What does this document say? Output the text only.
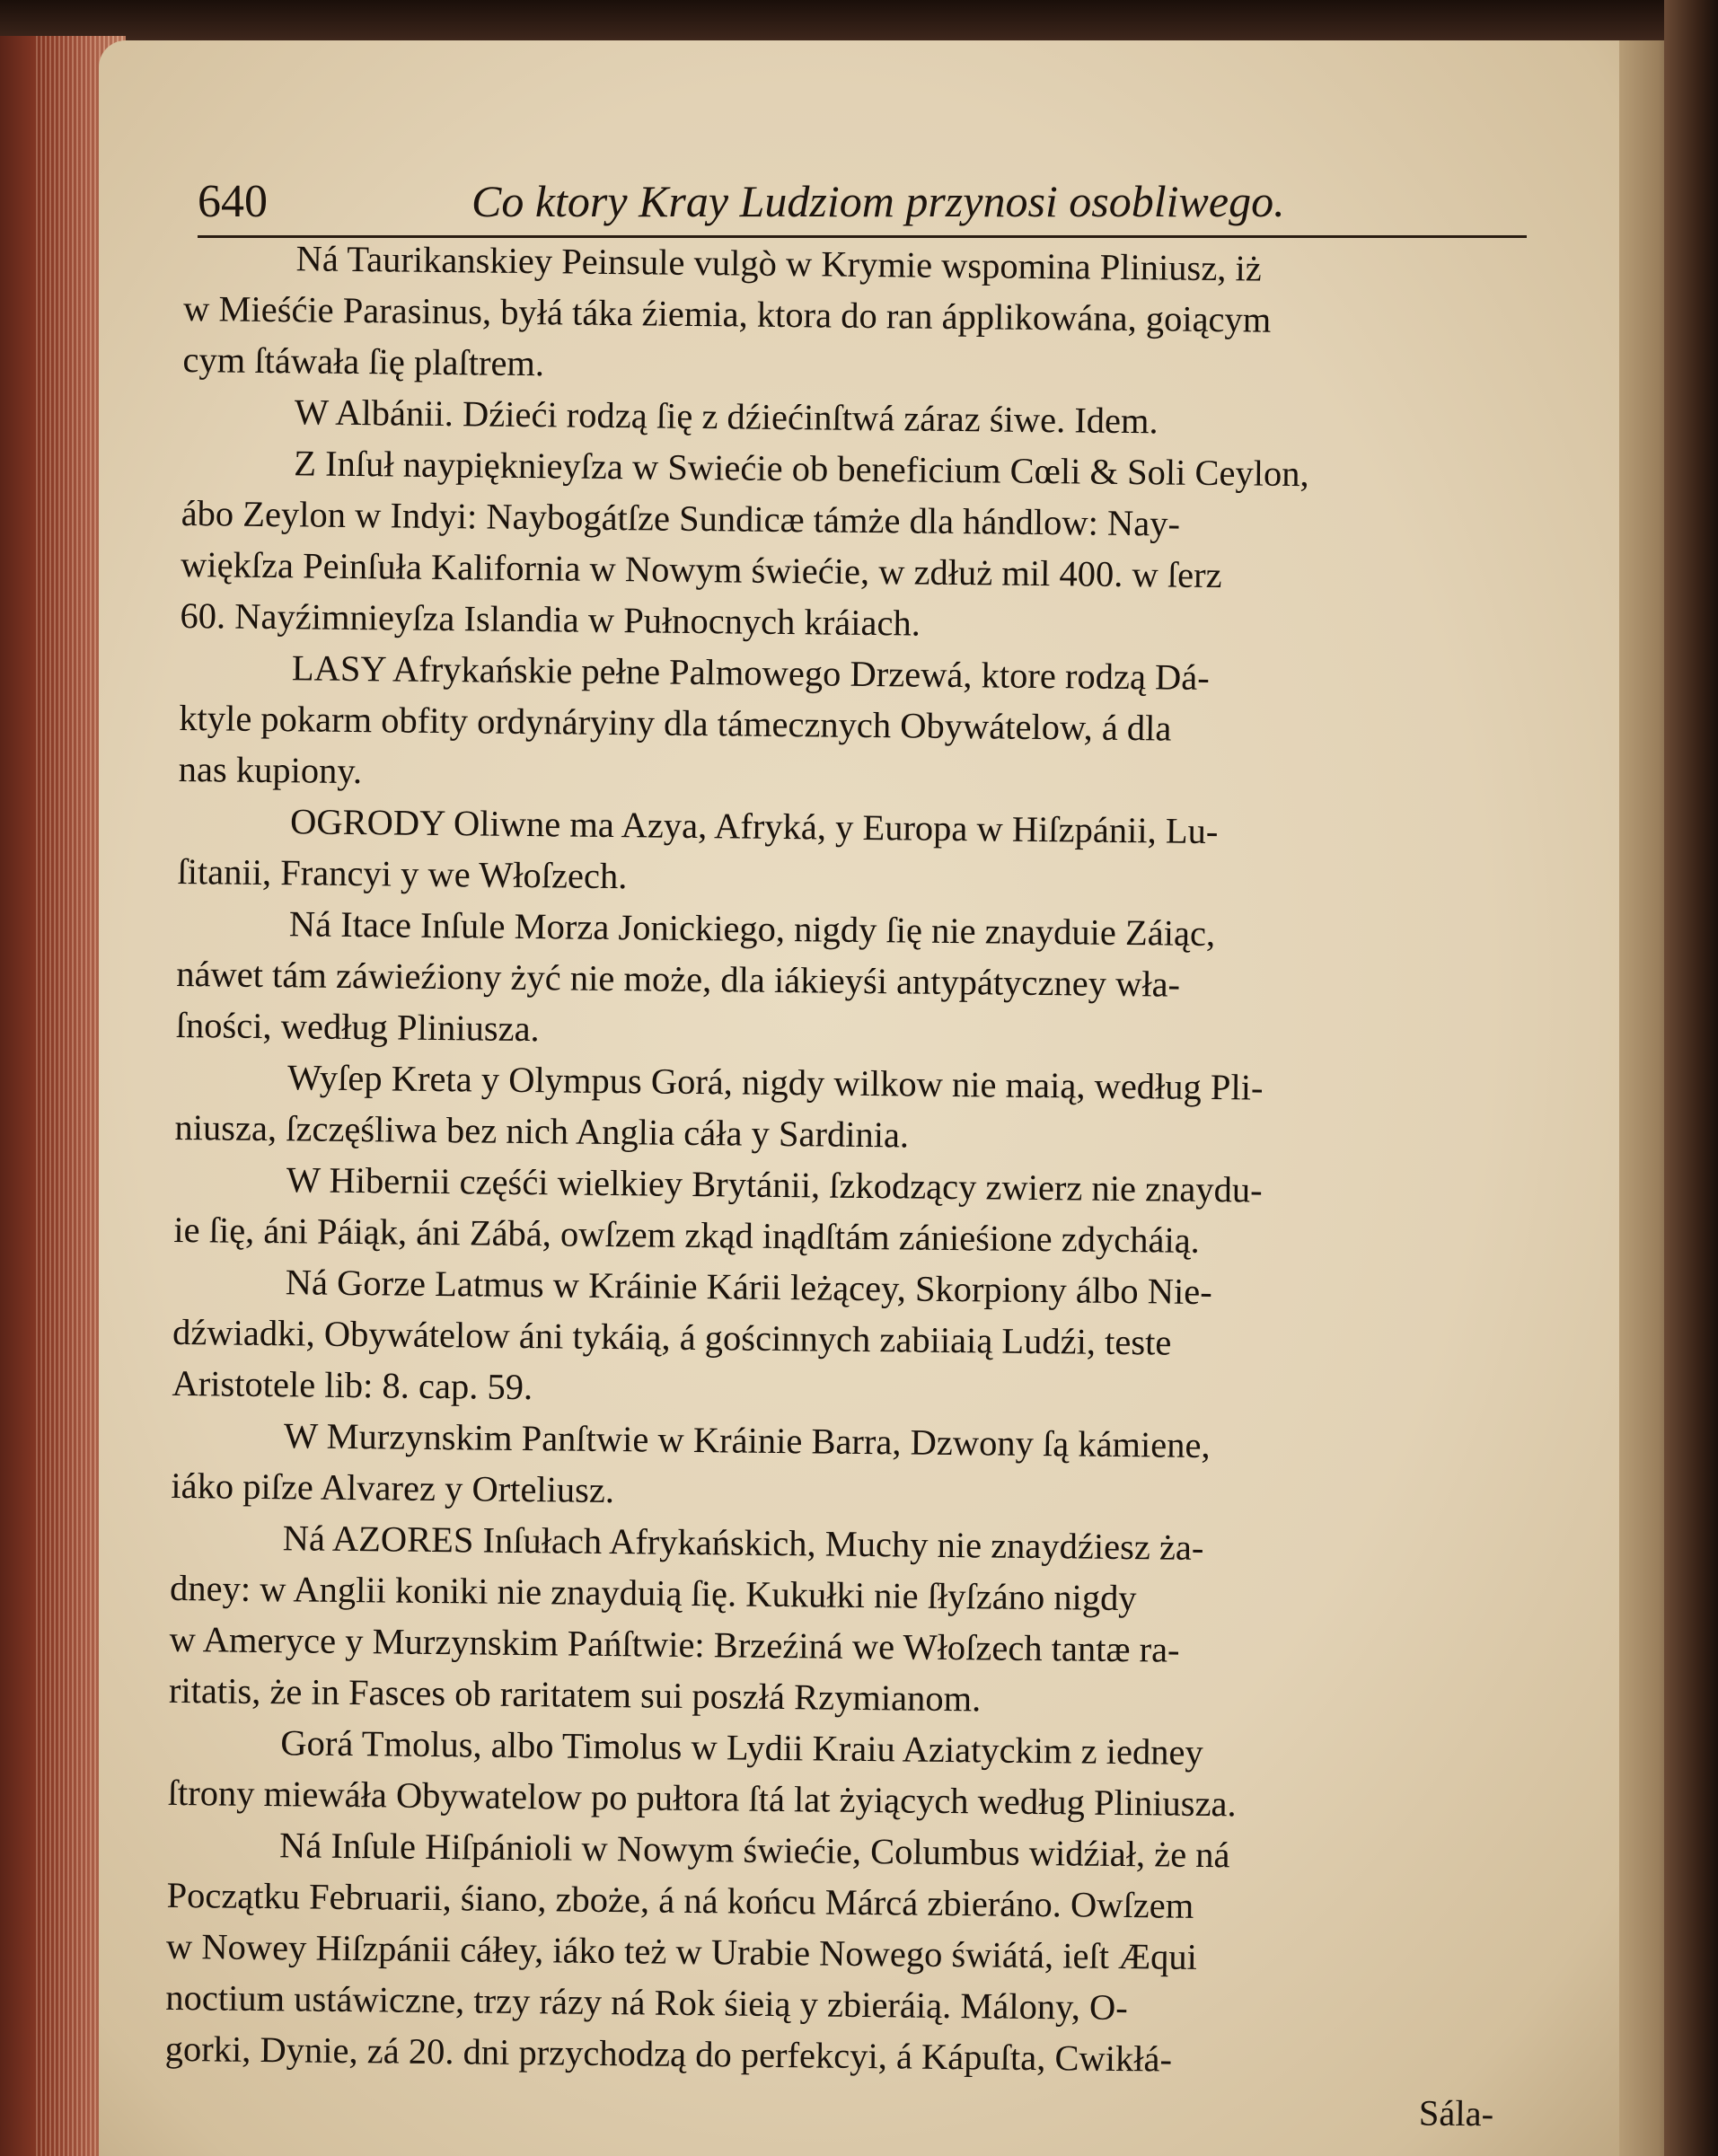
640	Co ktory Kray Ludziom przynosi osobliwego.
Ná Taurikanskiey Peinsule vulgò w Krymie wspomina Pliniusz, iż
w Mieśćie Parasinus, byłá táka źiemia, ktora do ran ápplikowána, goiącym
cym ſtáwała ſię plaſtrem.
W Albánii. Dźieći rodzą ſię z dźiećinſtwá záraz śiwe. Idem.
Z Inſuł naypięknieyſza w Swiećie ob beneficium Cœli & Soli Ceylon,
ábo Zeylon w Indyi: Naybogátſze Sundicæ támże dla hándlow: Nay-
więkſza Peinſuła Kalifornia w Nowym świećie, w zdłuż mil 400. w ſerz
60. Nayźimnieyſza Islandia w Pułnocnych kráiach.
LASY Afrykańskie pełne Palmowego Drzewá, ktore rodzą Dá-
ktyle pokarm obfity ordynáryiny dla támecznych Obywátelow, á dla
nas kupiony.
OGRODY Oliwne ma Azya, Afryká, y Europa w Hiſzpánii, Lu-
ſitanii, Francyi y we Włoſzech.
Ná Itace Inſule Morza Jonickiego, nigdy ſię nie znayduie Záiąc,
náwet tám záwieźiony żyć nie może, dla iákieyśi antypátyczney wła-
ſności, według Pliniusza.
Wyſep Kreta y Olympus Gorá, nigdy wilkow nie maią, według Pli-
niusza, ſzczęśliwa bez nich Anglia cáła y Sardinia.
W Hibernii częśći wielkiey Brytánii, ſzkodzący zwierz nie znaydu-
ie ſię, áni Páiąk, áni Zábá, owſzem zkąd inądſtám zánieśione zdycháią.
Ná Gorze Latmus w Kráinie Kárii leżącey, Skorpiony álbo Nie-
dźwiadki, Obywátelow áni tykáią, á gościnnych zabiiaią Ludźi, teste
Aristotele lib: 8. cap. 59.
W Murzynskim Panſtwie w Kráinie Barra, Dzwony ſą kámiene,
iáko piſze Alvarez y Orteliusz.
Ná AZORES Inſułach Afrykańskich, Muchy nie znaydźiesz ża-
dney: w Anglii koniki nie znayduią ſię. Kukułki nie ſłyſzáno nigdy
w Ameryce y Murzynskim Pańſtwie: Brzeźiná we Włoſzech tantæ ra-
ritatis, że in Fasces ob raritatem sui poszłá Rzymianom.
Gorá Tmolus, albo Timolus w Lydii Kraiu Aziatyckim z iedney
ſtrony miewáła Obywatelow po pułtora ſtá lat żyiących według Pliniusza.
Ná Inſule Hiſpánioli w Nowym świećie, Columbus widźiał, że ná
Początku Februarii, śiano, zboże, á ná końcu Márcá zbieráno. Owſzem
w Nowey Hiſzpánii cáłey, iáko też w Urabie Nowego świátá, ieſt Æqui
noctium ustáwiczne, trzy rázy ná Rok śieią y zbieráią. Málony, O-
gorki, Dynie, zá 20. dni przychodzą do perfekcyi, á Kápuſta, Cwikłá-
Sála-
